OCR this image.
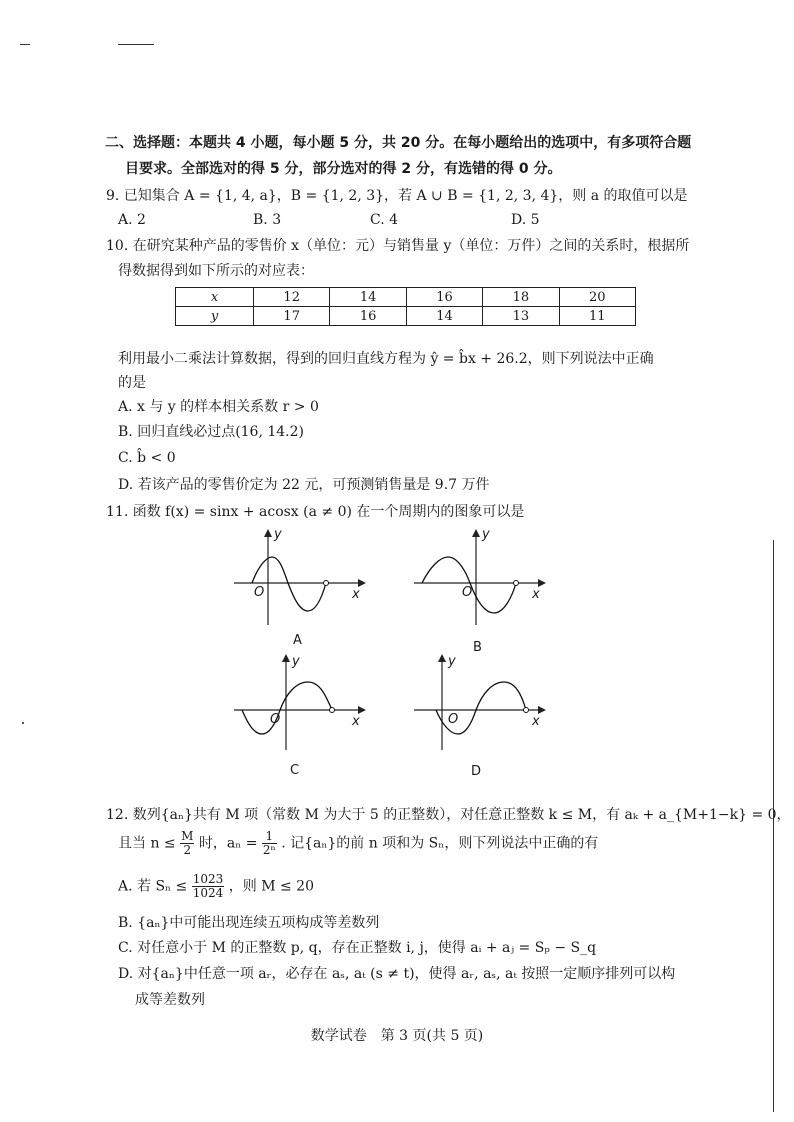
二、选择题：本题共 4 小题，每小题 5 分，共 20 分。在每小题给出的选项中，有多项符合题
目要求。全部选对的得 5 分，部分选对的得 2 分，有选错的得 0 分。
9. 已知集合 A = {1, 4, a}，B = {1, 2, 3}，若 A ∪ B = {1, 2, 3, 4}，则 a 的取值可以是
A. 2	B. 3	C. 4	D. 5
10. 在研究某种产品的零售价 x（单位：元）与销售量 y（单位：万件）之间的关系时，根据所
得数据得到如下所示的对应表：
x	12	14	16	18	20
y	17	16	14	13	11
利用最小二乘法计算数据，得到的回归直线方程为 ŷ = b̂x + 26.2，则下列说法中正确
的是
A. x 与 y 的样本相关系数 r > 0
B. 回归直线必过点(16, 14.2)
C. b̂ < 0
D. 若该产品的零售价定为 22 元，可预测销售量是 9.7 万件
11. 函数 f(x) = sinx + acosx (a ≠ 0) 在一个周期内的图象可以是
y
x
O
A
y
x
O
B
y
x
O
C
y
x
O
D
12. 数列{aₙ}共有 M 项（常数 M 为大于 5 的正整数），对任意正整数 k ≤ M，有 aₖ + a_{M+1−k} = 0，
且当 $n \le \frac{M}{2}$ 时，$a_n = \frac{1}{\text{2ⁿ}}$ . 记{aₙ}的前 n 项和为 Sₙ，则下列说法中正确的有
A. 若 $S_n \le \frac{1023}{1024}$ ，则 M ≤ 20
B. {aₙ}中可能出现连续五项构成等差数列
C. 对任意小于 M 的正整数 p, q，存在正整数 i, j，使得 aᵢ + aⱼ = Sₚ − S_q
D. 对{aₙ}中任意一项 aᵣ，必存在 aₛ, aₜ (s ≠ t)，使得 aᵣ, aₛ, aₜ 按照一定顺序排列可以构
成等差数列
数学试卷　第 3 页(共 5 页)
